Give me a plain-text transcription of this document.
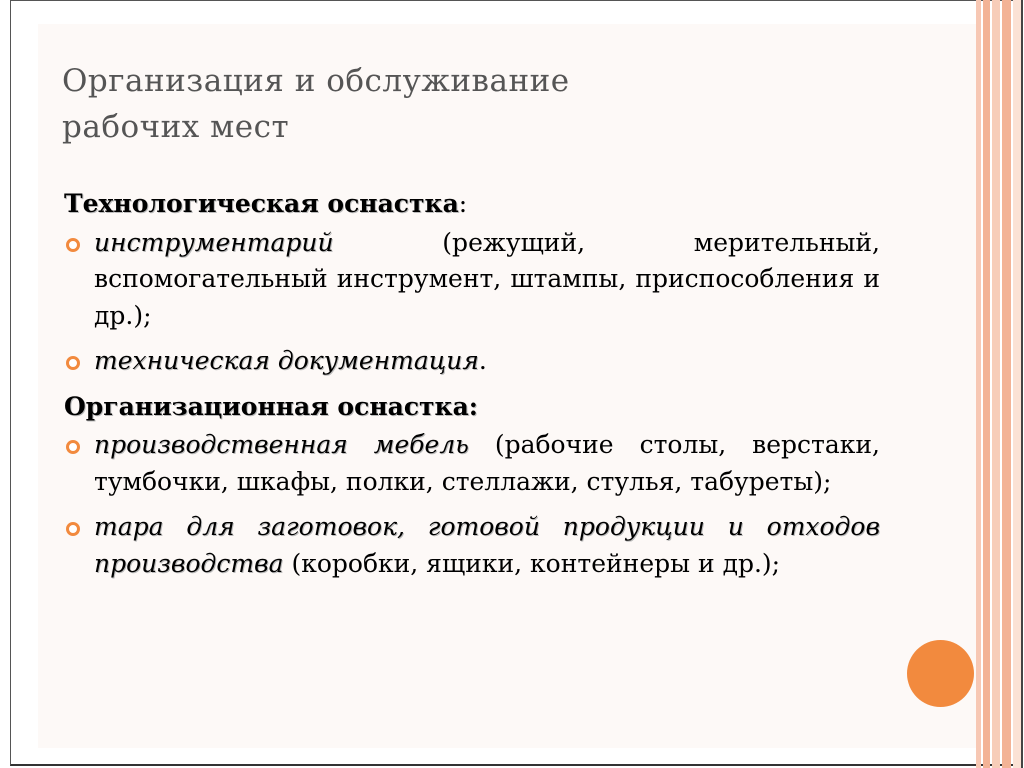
Организация и обслуживание
рабочих мест
Технологическая оснастка:
инструментарий (режущий, мерительный, вспомогательный инструмент, штампы, приспособления и др.);
техническая документация.
Организационная оснастка:
производственная мебель (рабочие столы, верстаки, тумбочки, шкафы, полки, стеллажи, стулья, табуреты);
тара для заготовок, готовой продукции и отходов производства (коробки, ящики, контейнеры и др.);
